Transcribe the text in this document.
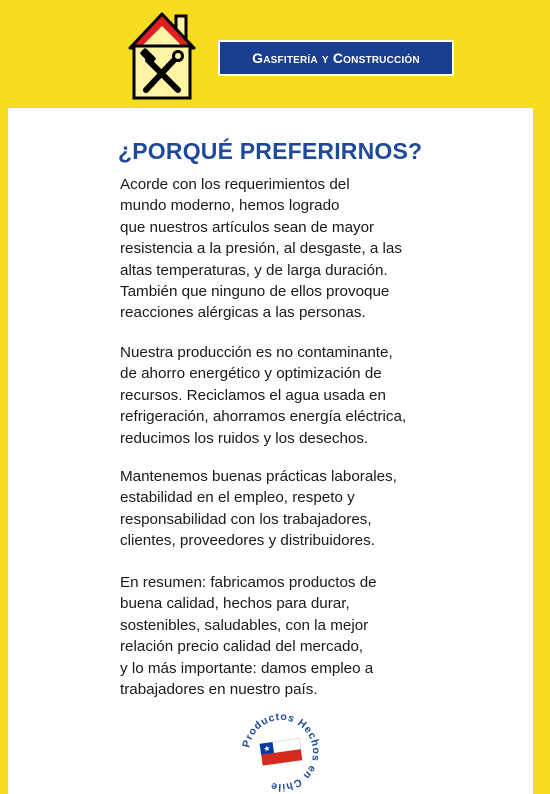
Gasfitería y Construcción
¿PORQUÉ PREFERIRNOS?

Acorde con los requerimientos del
mundo moderno, hemos logrado
que nuestros artículos sean de mayor
resistencia a la presión, al desgaste, a las
altas temperaturas, y de larga duración.
También que ninguno de ellos provoque
reacciones alérgicas a las personas.

Nuestra producción es no contaminante,
de ahorro energético y optimización de
recursos. Reciclamos el agua usada en
refrigeración, ahorramos energía eléctrica,
reducimos los ruidos y los desechos.

Mantenemos buenas prácticas laborales,
estabilidad en el empleo, respeto y
responsabilidad con los trabajadores,
clientes, proveedores y distribuidores.

En resumen: fabricamos productos de
buena calidad, hechos para durar,
sostenibles, saludables, con la mejor
relación precio calidad del mercado,
y lo más importante: damos empleo a
trabajadores en nuestro país.

Productos Hechos en Chile
